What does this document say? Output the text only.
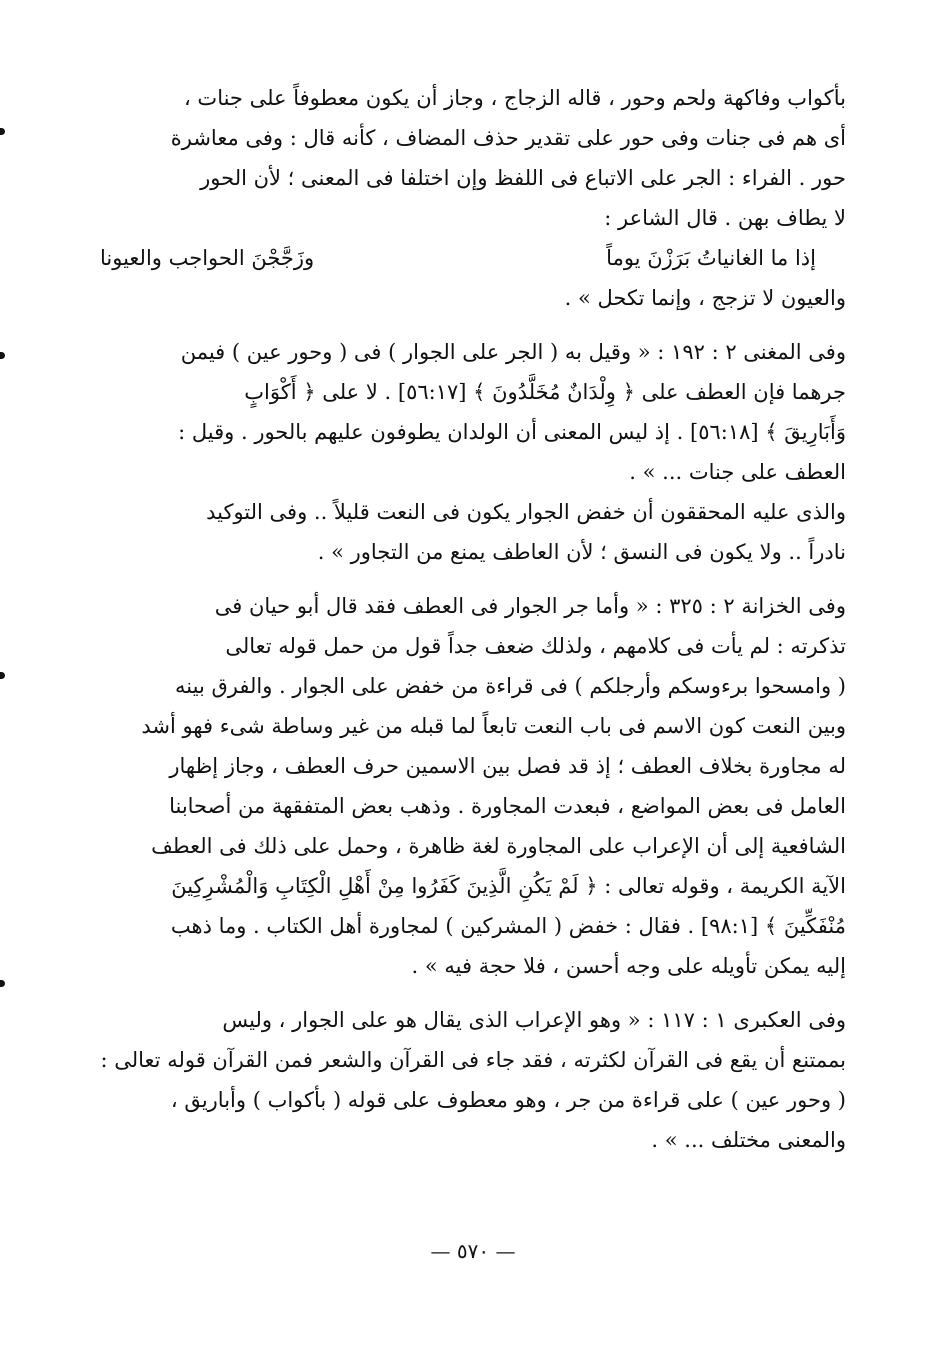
بأكواب وفاكهة ولحم وحور ، قاله الزجاج ، وجاز أن يكون معطوفاً على جنات ،
أى هم فى جنات وفى حور على تقدير حذف المضاف ، كأنه قال : وفى معاشرة
حور . الفراء : الجر على الاتباع فى اللفظ وإن اختلفا فى المعنى ؛ لأن الحور
لا يطاف بهن . قال الشاعر :
إذا ما الغانياتُ بَرَزْنَ يوماً
وزَجَّجْنَ الحواجب والعيونا
والعيون لا تزجج ، وإنما تكحل » .
وفى المغنى ٢ : ١٩٢ : « وقيل به ( الجر على الجوار ) فى ( وحور عين ) فيمن
جرهما فإن العطف على ﴿ وِلْدَانٌ مُخَلَّدُونَ ﴾ [٥٦:١٧] . لا على ﴿ أَكْوَابٍ
وَأَبَارِيقَ ﴾ [٥٦:١٨] . إذ ليس المعنى أن الولدان يطوفون عليهم بالحور . وقيل :
العطف على جنات ... » .
والذى عليه المحققون أن خفض الجوار يكون فى النعت قليلاً .. وفى التوكيد
نادراً .. ولا يكون فى النسق ؛ لأن العاطف يمنع من التجاور » .
وفى الخزانة ٢ : ٣٢٥ : « وأما جر الجوار فى العطف فقد قال أبو حيان فى
تذكرته : لم يأت فى كلامهم ، ولذلك ضعف جداً قول من حمل قوله تعالى
( وامسحوا برءوسكم وأرجلكم ) فى قراءة من خفض على الجوار . والفرق بينه
وبين النعت كون الاسم فى باب النعت تابعاً لما قبله من غير وساطة شىء فهو أشد
له مجاورة بخلاف العطف ؛ إذ قد فصل بين الاسمين حرف العطف ، وجاز إظهار
العامل فى بعض المواضع ، فبعدت المجاورة . وذهب بعض المتفقهة من أصحابنا
الشافعية إلى أن الإعراب على المجاورة لغة ظاهرة ، وحمل على ذلك فى العطف
الآية الكريمة ، وقوله تعالى : ﴿ لَمْ يَكُنِ الَّذِينَ كَفَرُوا مِنْ أَهْلِ الْكِتَابِ وَالْمُشْرِكِينَ
مُنْفَكِّينَ ﴾ [٩٨:١] . فقال : خفض ( المشركين ) لمجاورة أهل الكتاب . وما ذهب
إليه يمكن تأويله على وجه أحسن ، فلا حجة فيه » .
وفى العكبرى ١ : ١١٧ : « وهو الإعراب الذى يقال هو على الجوار ، وليس
بممتنع أن يقع فى القرآن لكثرته ، فقد جاء فى القرآن والشعر فمن القرآن قوله تعالى :
( وحور عين ) على قراءة من جر ، وهو معطوف على قوله ( بأكواب ) وأباريق ،
والمعنى مختلف ... » .
— ٥٧٠ —
